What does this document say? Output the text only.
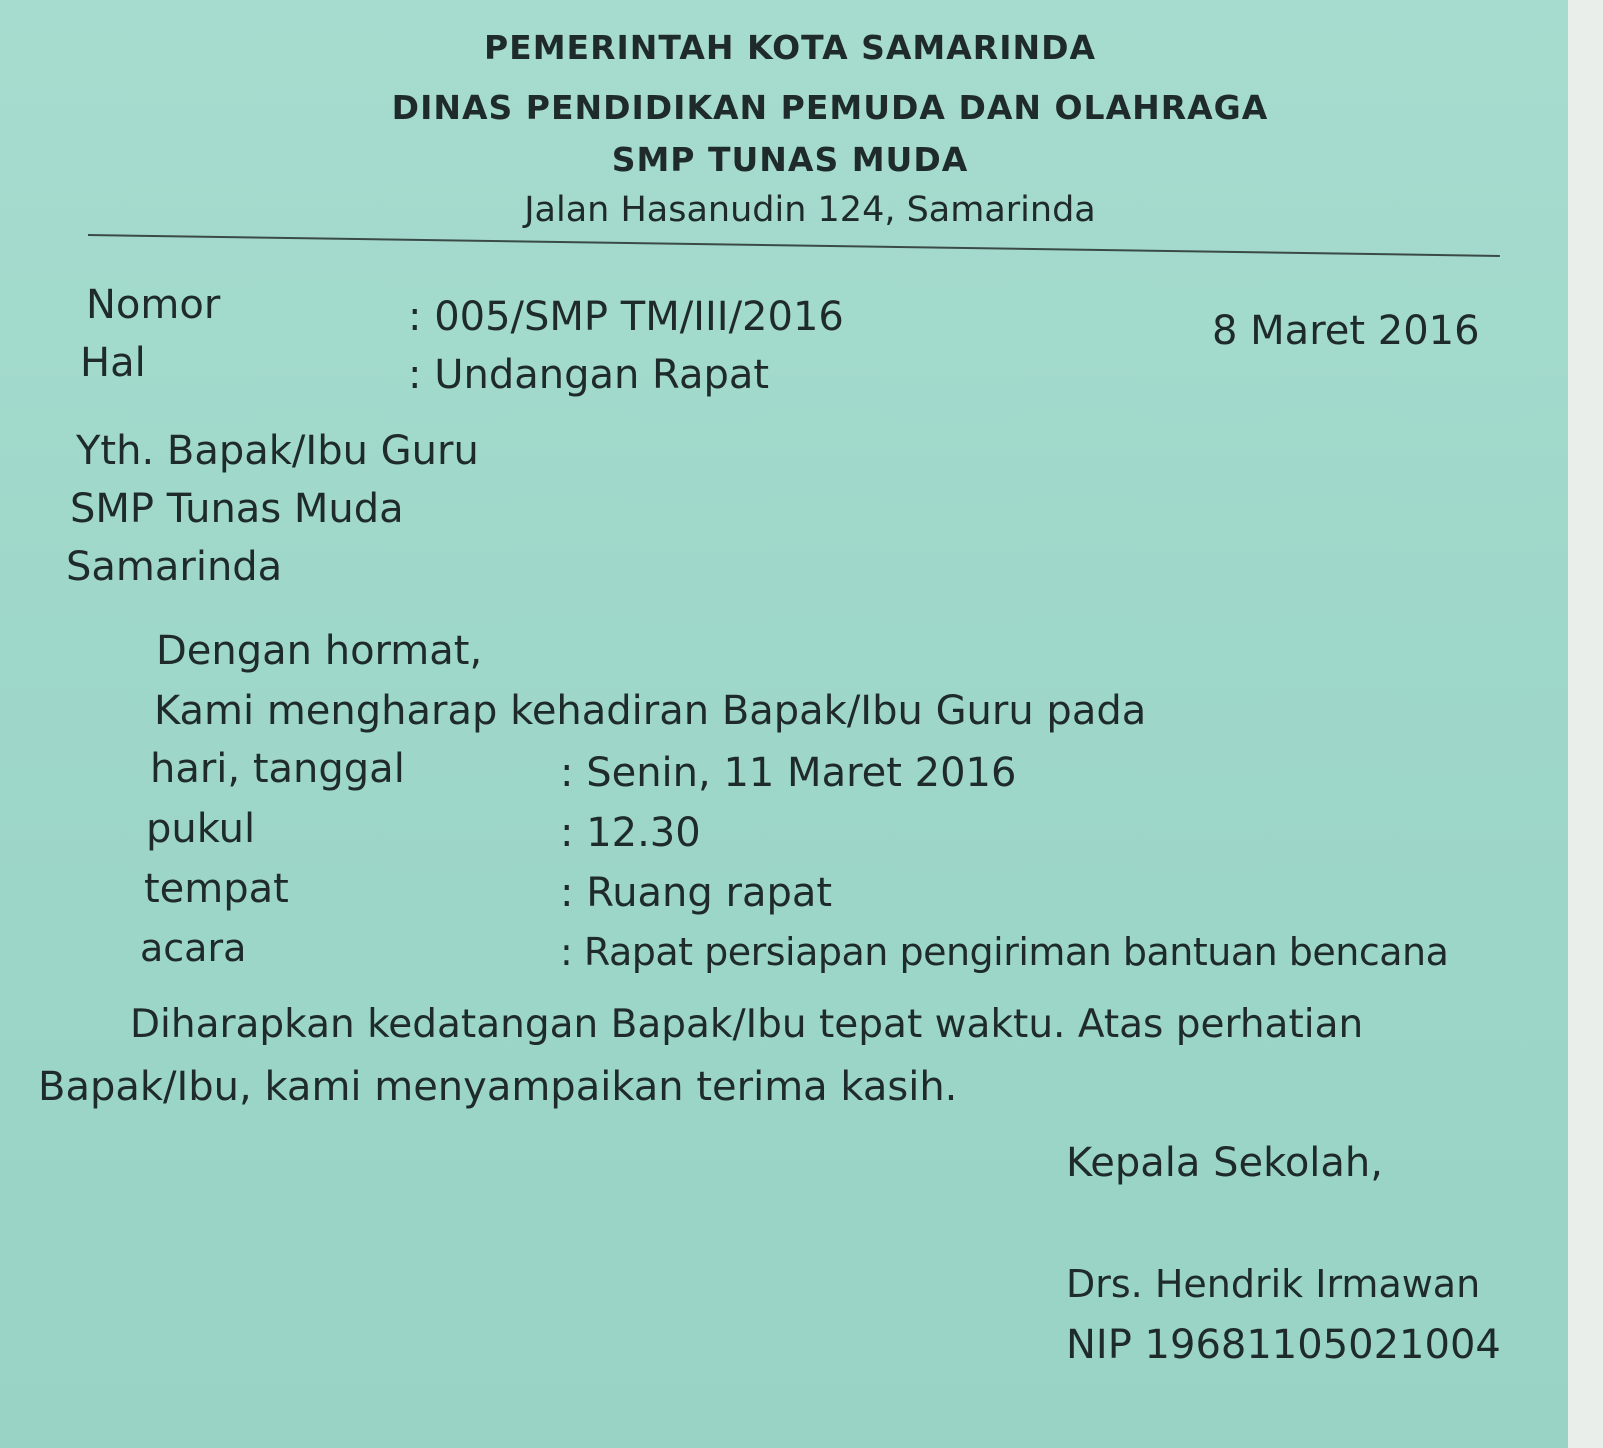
PEMERINTAH KOTA SAMARINDA
DINAS PENDIDIKAN PEMUDA DAN OLAHRAGA
SMP TUNAS MUDA
Jalan Hasanudin 124, Samarinda
Nomor	: 005/SMP TM/III/2016	8 Maret 2016
Hal	: Undangan Rapat
Yth. Bapak/Ibu Guru
SMP Tunas Muda
Samarinda
Dengan hormat,
Kami mengharap kehadiran Bapak/Ibu Guru pada
hari, tanggal	: Senin, 11 Maret 2016
pukul	: 12.30
tempat	: Ruang rapat
acara	: Rapat persiapan pengiriman bantuan bencana
Diharapkan kedatangan Bapak/Ibu tepat waktu. Atas perhatian
Bapak/Ibu, kami menyampaikan terima kasih.
Kepala Sekolah,
Drs. Hendrik Irmawan
NIP 19681105021004
